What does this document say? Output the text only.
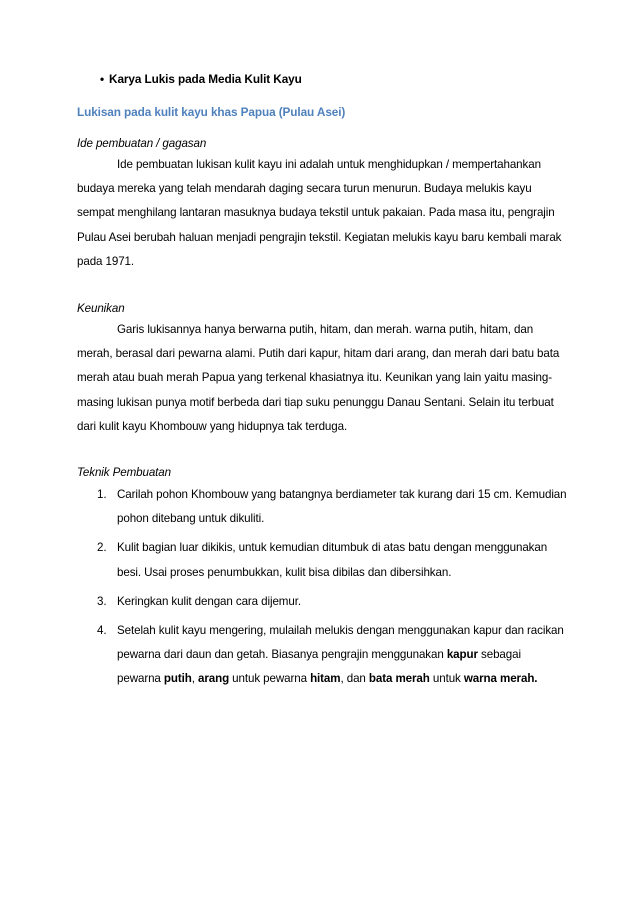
• Karya Lukis pada Media Kulit Kayu
Lukisan pada kulit kayu khas Papua (Pulau Asei)
Ide pembuatan / gagasan

Ide pembuatan lukisan kulit kayu ini adalah untuk menghidupkan / mempertahankan budaya mereka yang telah mendarah daging secara turun menurun. Budaya melukis kayu sempat menghilang lantaran masuknya budaya tekstil untuk pakaian. Pada masa itu, pengrajin Pulau Asei berubah haluan menjadi pengrajin tekstil. Kegiatan melukis kayu baru kembali marak pada 1971.

Keunikan

Garis lukisannya hanya berwarna putih, hitam, dan merah. warna putih, hitam, dan merah, berasal dari pewarna alami. Putih dari kapur, hitam dari arang, dan merah dari batu bata merah atau buah merah Papua yang terkenal khasiatnya itu. Keunikan yang lain yaitu masing-masing lukisan punya motif berbeda dari tiap suku penunggu Danau Sentani. Selain itu terbuat dari kulit kayu Khombouw yang hidupnya tak terduga.

Teknik Pembuatan
1. Carilah pohon Khombouw yang batangnya berdiameter tak kurang dari 15 cm. Kemudian pohon ditebang untuk dikuliti.
2. Kulit bagian luar dikikis, untuk kemudian ditumbuk di atas batu dengan menggunakan besi. Usai proses penumbukkan, kulit bisa dibilas dan dibersihkan.
3. Keringkan kulit dengan cara dijemur.
4. Setelah kulit kayu mengering, mulailah melukis dengan menggunakan kapur dan racikan pewarna dari daun dan getah. Biasanya pengrajin menggunakan kapur sebagai pewarna putih, arang untuk pewarna hitam, dan bata merah untuk warna merah.
